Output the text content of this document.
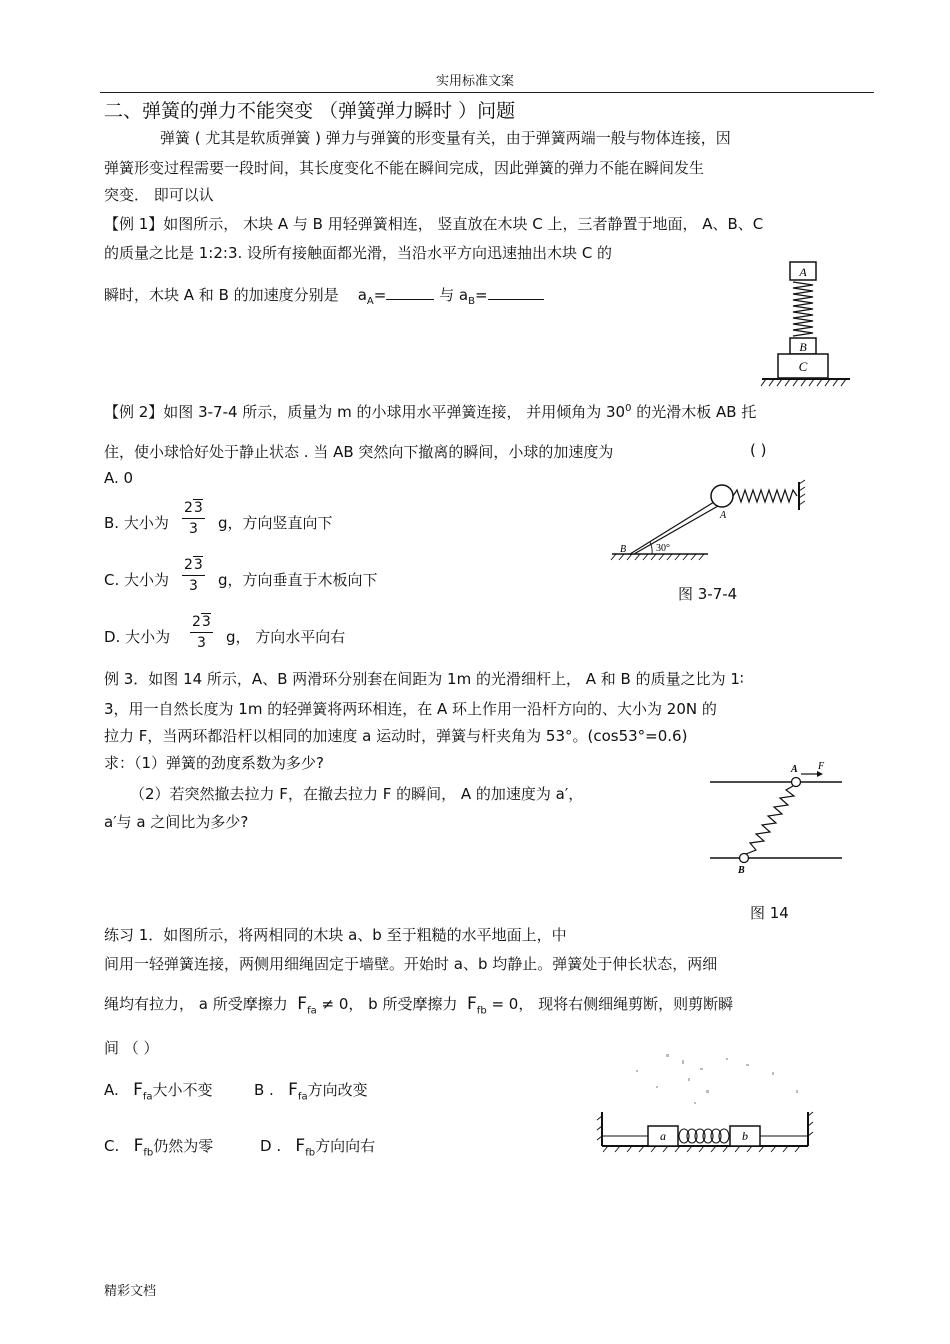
实用标准文案
二、弹簧的弹力不能突变 （弹簧弹力瞬时 ）问题
弹簧 ( 尤其是软质弹簧 ) 弹力与弹簧的形变量有关，由于弹簧两端一般与物体连接，因
弹簧形变过程需要一段时间，其长度变化不能在瞬间完成，因此弹簧的弹力不能在瞬间发生
突变． 即可以认
【例 1】如图所示， 木块 A 与 B 用轻弹簧相连， 竖直放在木块 C 上，三者静置于地面， A、B、C
的质量之比是 1:2:3. 设所有接触面都光滑，当沿水平方向迅速抽出木块 C 的
瞬时，木块 A 和 B 的加速度分别是 $a_A=$	与 $a_B=$
A
B
C
【例 2】如图 3-7-4 所示，质量为 m 的小球用水平弹簧连接， 并用倾角为 $30^0$ 的光滑木板 AB 托
住，使小球恰好处于静止状态 . 当 AB 突然向下撤离的瞬间，小球的加速度为	( )
A. 0
B. 大小为 $\frac{23}{3}$ g，方向竖直向下
C. 大小为 $\frac{23}{3}$ g，方向垂直于木板向下
D. 大小为 $\frac{23}{3}$ g， 方向水平向右
30°
B
A
图 3-7-4
例 3．如图 14 所示，A、B 两滑环分别套在间距为 1m 的光滑细杆上， A 和 B 的质量之比为 1∶
3，用一自然长度为 1m 的轻弹簧将两环相连，在 A 环上作用一沿杆方向的、大小为 20N 的
拉力 F，当两环都沿杆以相同的加速度 a 运动时，弹簧与杆夹角为 53°。(cos53°=0.6)
求：（1）弹簧的劲度系数为多少?
（2）若突然撤去拉力 F，在撤去拉力 F 的瞬间， A 的加速度为 a′，
a′与 a 之间比为多少?
A
B
F
图 14
练习 1．如图所示，将两相同的木块 a、b 至于粗糙的水平地面上，中
间用一轻弹簧连接，两侧用细绳固定于墙壁。开始时 a、b 均静止。弹簧处于伸长状态，两细
绳均有拉力， a 所受摩擦力 $F_{fa} \ne 0$， b 所受摩擦力 $F_{fb} = 0$， 现将右侧细绳剪断，则剪断瞬
间 （ ）
A. $F_{fa}$大小不变	B . $F_{fa}$方向改变
C. $F_{fb}$仍然为零	D . $F_{fb}$方向向右
a	b
精彩文档
